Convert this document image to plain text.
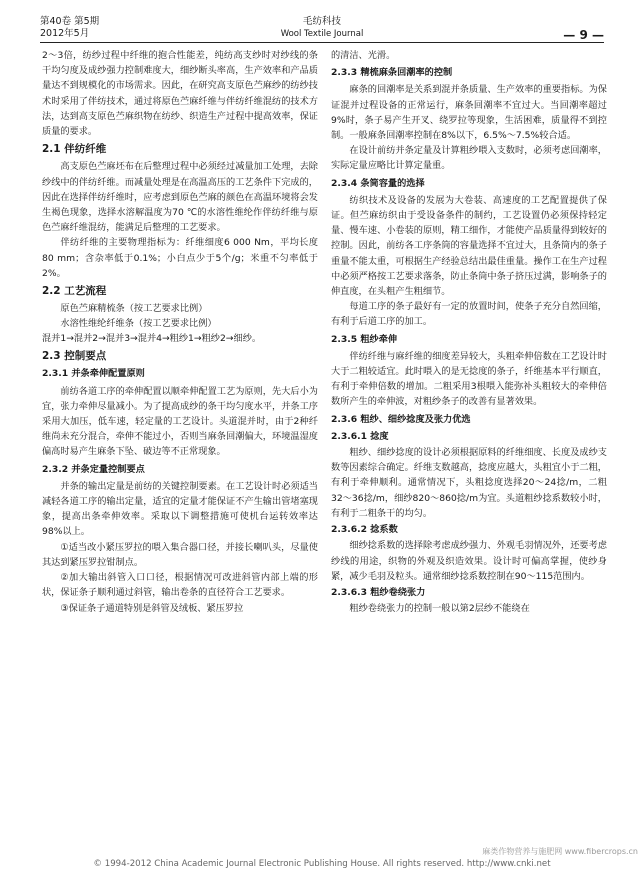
第40卷 第5期
2012年5月
毛纺科技
Wool Textile Journal	— 9 —

2～3倍，纺纱过程中纤维的抱合性能差，纯纺高支纱时对纱线的条干均匀度及成纱强力控制难度大，细纱断头率高，生产效率和产品质量达不到规模化的市场需求。因此，在研究高支原色苎麻纱的纺纱技术时采用了伴纺技术，通过将原色苎麻纤维与伴纺纤维混纺的技术方法，达到高支原色苎麻织物在纺纱、织造生产过程中提高效率，保证质量的要求。

2.1 伴纺纤维

高支原色苎麻坯布在后整理过程中必须经过减量加工处理，去除纱线中的伴纺纤维。而减量处理是在高温高压的工艺条件下完成的，因此在选择伴纺纤维时，应考虑到原色苎麻的颜色在高温环境将会发生褐色现象，选择水溶解温度为70 ℃的水溶性维纶作伴纺纤维与原色苎麻纤维混纺，能满足后整理的工艺要求。

伴纺纤维的主要物理指标为：纤维细度6 000 Nm，平均长度80 mm；含杂率低于0.1%；小白点少于5个/g；米重不匀率低于2%。

2.2 工艺流程
原色苎麻精梳条（按工艺要求比例）
水溶性维纶纤维条（按工艺要求比例）
混并1→混并2→混并3→混并4→粗纱1→粗纱2→细纱。
2.3 控制要点
2.3.1 并条牵伸配置原则

前纺各道工序的牵伸配置以顺牵伸配置工艺为原则，先大后小为宜，张力牵伸尽量减小。为了提高成纱的条干均匀度水平，并条工序采用大加压，低车速，轻定量的工艺设计。头道混并时，由于2种纤维尚未充分混合，牵伸不能过小，否则当麻条回潮偏大，环境温湿度偏高时易产生麻条下坠、破边等不正常现象。

2.3.2 并条定量控制要点

并条的输出定量是前纺的关键控制要素。在工艺设计时必须适当减轻各道工序的输出定量，适宜的定量才能保证不产生输出管堵塞现象，提高出条牵伸效率。采取以下调整措施可使机台运转效率达98%以上。

①适当改小紧压罗拉的喂入集合器口径，并接长喇叭头，尽量使其达到紧压罗拉钳制点。

②加大输出斜管入口口径，根据情况可改进斜管内部上端的形状，保证条子顺利通过斜管，输出卷条的直径符合工艺要求。

③保证条子通道特别是斜管及绒板、紧压罗拉

的清洁、光滑。

2.3.3 精梳麻条回潮率的控制

麻条的回潮率是关系到混并条质量、生产效率的重要指标。为保证混并过程设备的正常运行，麻条回潮率不宜过大。当回潮率超过9%时，条子易产生开叉、绕罗拉等现象，生活困难，质量得不到控制。一般麻条回潮率控制在8%以下，6.5%～7.5%较合适。

在设计前纺并条定量及计算粗纱喂入支数时，必须考虑回潮率，实际定量应略比计算定量重。

2.3.4 条筒容量的选择

纺织技术及设备的发展为大卷装、高速度的工艺配置提供了保证。但苎麻纺织由于受设备条件的制约，工艺设置仍必须保持轻定量、慢车速、小卷装的原则，精工细作，才能使产品质量得到较好的控制。因此，前纺各工序条筒的容量选择不宜过大，且条筒内的条子重量不能太重，可根据生产经验总结出最佳重量。操作工在生产过程中必须严格按工艺要求落条，防止条筒中条子挤压过满，影响条子的伸直度，在头粗产生粗细节。

每道工序的条子最好有一定的放置时间，使条子充分自然回缩，有利于后道工序的加工。

2.3.5 粗纱牵伸

伴纺纤维与麻纤维的细度差异较大，头粗牵伸倍数在工艺设计时大于二粗较适宜。此时喂入的是无捻度的条子，纤维基本平行顺直，有利于牵伸倍数的增加。二粗采用3根喂入能弥补头粗较大的牵伸倍数所产生的牵伸波，对粗纱条子的改善有显著效果。

2.3.6 粗纱、细纱捻度及张力优选
2.3.6.1 捻度

粗纱、细纱捻度的设计必须根据原料的纤维细度、长度及成纱支数等因素综合确定。纤维支数越高，捻度应越大，头粗宜小于二粗，有利于牵伸顺利。通常情况下，头粗捻度选择20～24捻/m，二粗32～36捻/m，细纱820～860捻/m为宜。头道粗纱捻系数较小时，有利于二粗条干的均匀。

2.3.6.2 捻系数

细纱捻系数的选择除考虑成纱强力、外观毛羽情况外，还要考虑纱线的用途，织物的外观及织造效果。设计时可偏高掌握，使纱身紧，减少毛羽及粒头。通常细纱捻系数控制在90～115范围内。

2.3.6.3 粗纱卷绕张力

粗纱卷绕张力的控制一般以第2层纱不能绕在

© 1994-2012 China Academic Journal Electronic Publishing House. All rights reserved. http://www.cnki.net
麻类作物营养与施肥网 www.fibercrops.cn
